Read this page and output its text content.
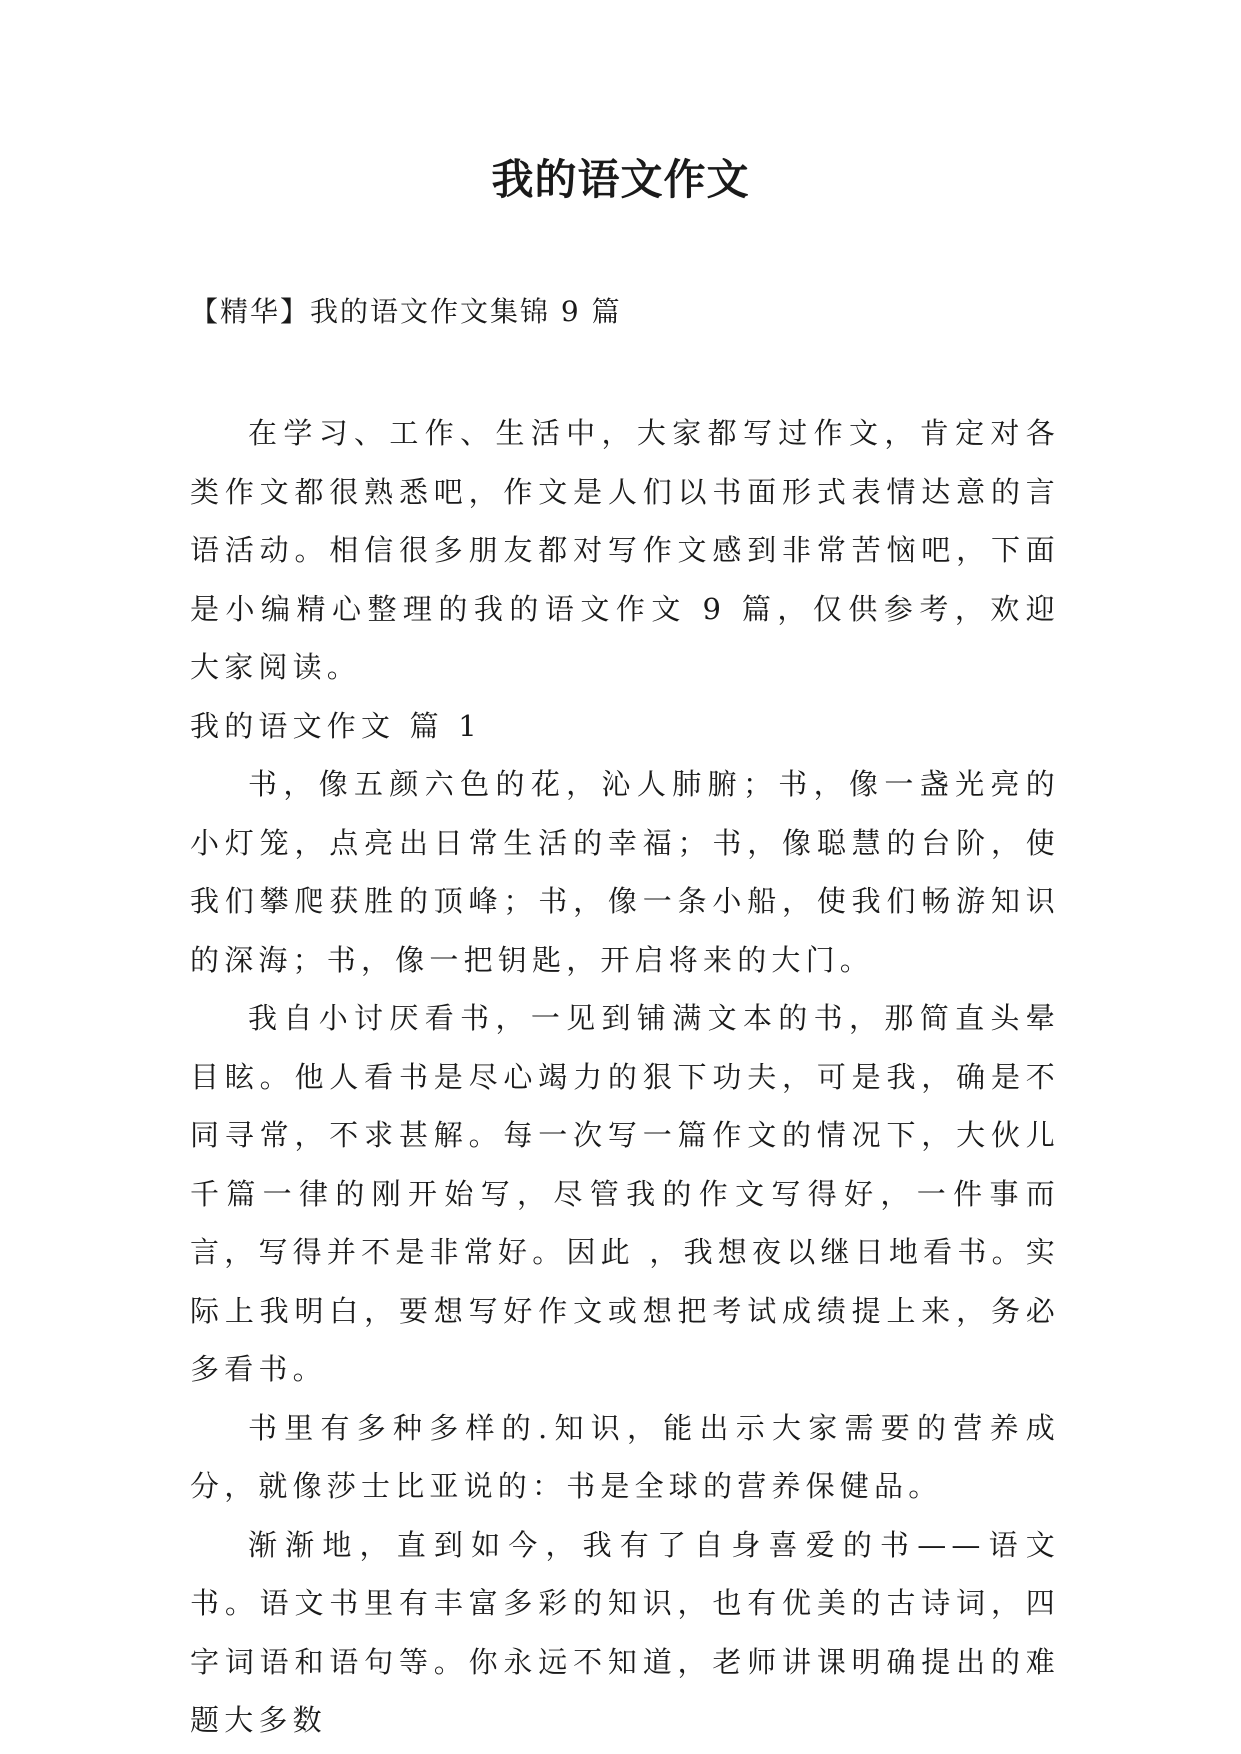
我的语文作文

【精华】我的语文作文集锦 9 篇

在学习、工作、生活中，大家都写过作文，肯定对各类作文都很熟悉吧，作文是人们以书面形式表情达意的言语活动。相信很多朋友都对写作文感到非常苦恼吧，下面是小编精心整理的我的语文作文 9 篇，仅供参考，欢迎大家阅读。

我的语文作文 篇 1

书，像五颜六色的花，沁人肺腑；书，像一盏光亮的小灯笼，点亮出日常生活的幸福；书，像聪慧的台阶，使我们攀爬获胜的顶峰；书，像一条小船，使我们畅游知识的深海；书，像一把钥匙，开启将来的大门。

我自小讨厌看书，一见到铺满文本的书，那简直头晕目眩。他人看书是尽心竭力的狠下功夫，可是我，确是不同寻常，不求甚解。每一次写一篇作文的情况下，大伙儿千篇一律的刚开始写，尽管我的作文写得好，一件事而言，写得并不是非常好。因此 ，我想夜以继日地看书。实际上我明白，要想写好作文或想把考试成绩提上来，务必多看书。

书里有多种多样的.知识，能出示大家需要的营养成分，就像莎士比亚说的：书是全球的营养保健品。

渐渐地，直到如今，我有了自身喜爱的书——语文书。语文书里有丰富多彩的知识，也有优美的古诗词，四字词语和语句等。你永远不知道，老师讲课明确提出的难题大多数
